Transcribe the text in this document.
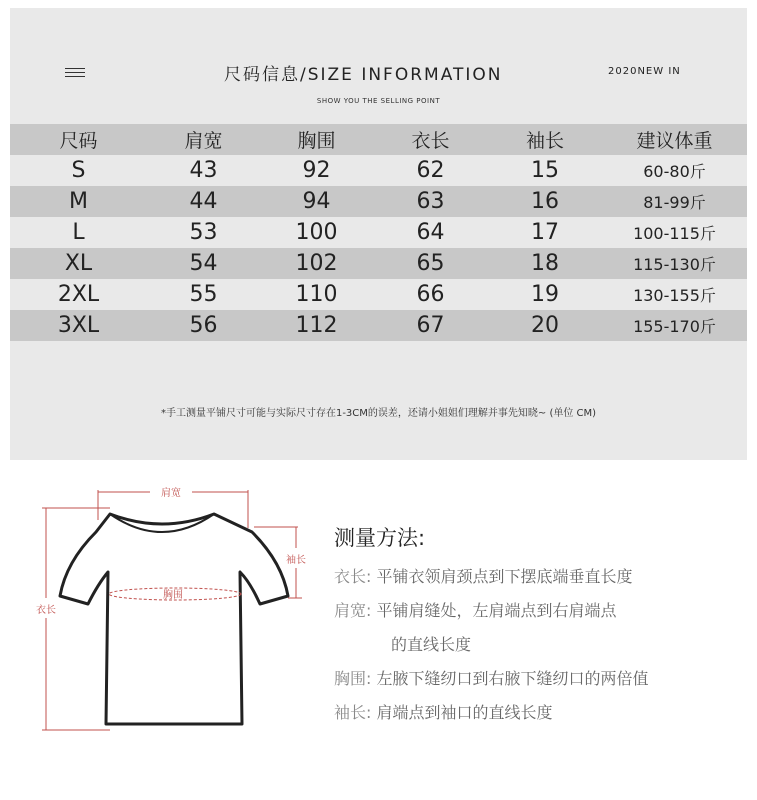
尺码信息/SIZE INFORMATION	2020NEW IN
SHOW YOU THE SELLING POINT
尺码	肩宽	胸围	衣长	袖长	建议体重
S	43	92	62	15	60-80斤
M	44	94	63	16	81-99斤
L	53	100	64	17	100-115斤
XL	54	102	65	18	115-130斤
2XL	55	110	66	19	130-155斤
3XL	56	112	67	20	155-170斤
*手工测量平铺尺寸可能与实际尺寸存在1-3CM的误差，还请小姐姐们理解并事先知晓~ (单位 CM)
肩宽
袖长
胸围
衣长
测量方法:
衣长: 平铺衣领肩颈点到下摆底端垂直长度
肩宽: 平铺肩缝处，左肩端点到右肩端点
的直线长度
胸围: 左腋下缝纫口到右腋下缝纫口的两倍值
袖长: 肩端点到袖口的直线长度
